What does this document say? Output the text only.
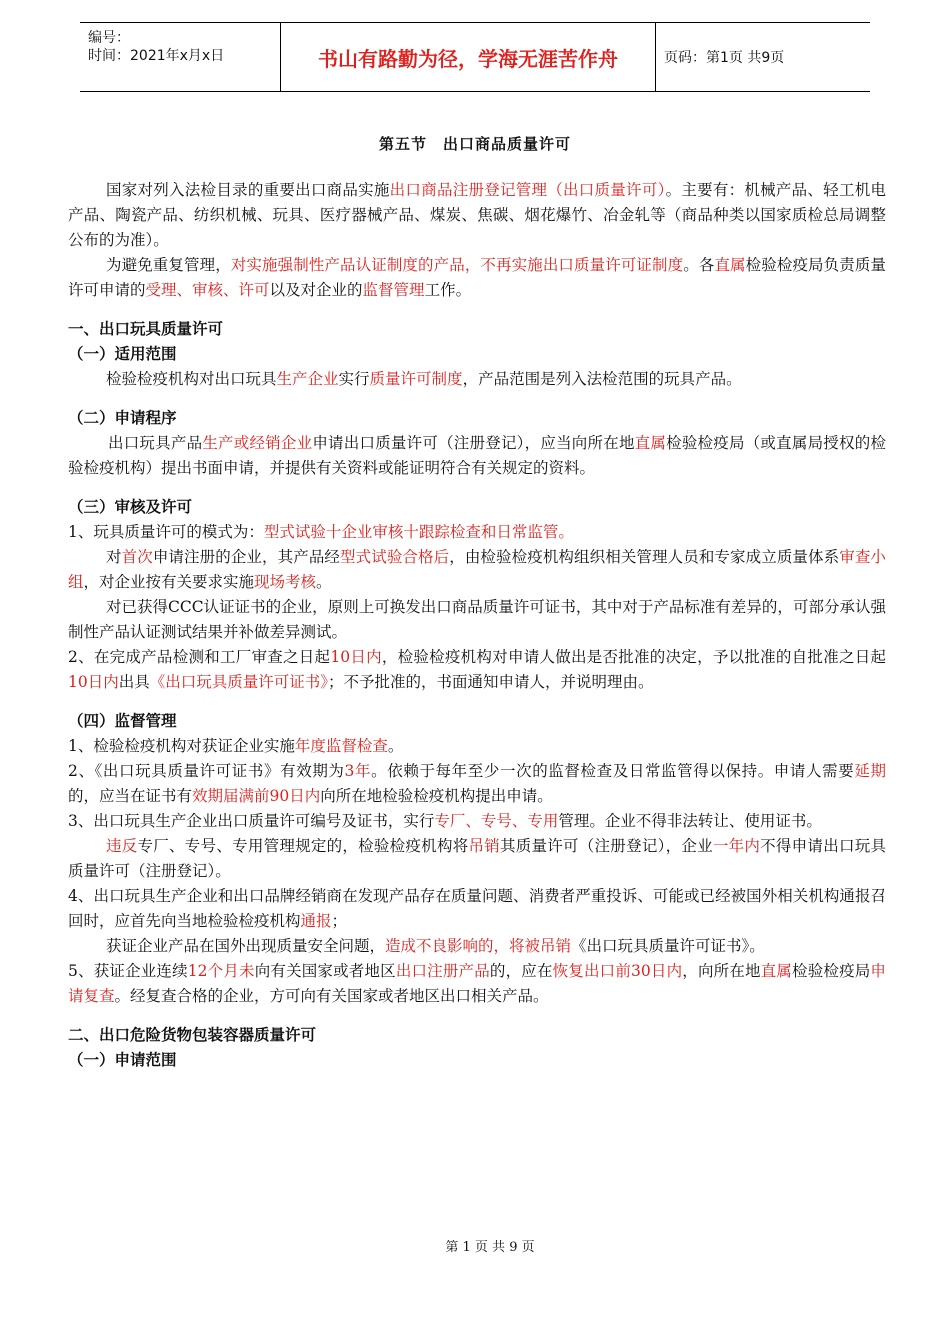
编号：
时间：2021年x月x日	书山有路勤为径，学海无涯苦作舟	页码：第1页 共9页
第五节　出口商品质量许可

国家对列入法检目录的重要出口商品实施出口商品注册登记管理（出口质量许可）。主要有：机械产品、轻工机电产品、陶瓷产品、纺织机械、玩具、医疗器械产品、煤炭、焦碳、烟花爆竹、冶金轧等（商品种类以国家质检总局调整公布的为准）。

为避免重复管理，对实施强制性产品认证制度的产品，不再实施出口质量许可证制度。各直属检验检疫局负责质量许可申请的受理、审核、许可以及对企业的监督管理工作。

一、出口玩具质量许可

（一）适用范围

检验检疫机构对出口玩具生产企业实行质量许可制度，产品范围是列入法检范围的玩具产品。

（二）申请程序

出口玩具产品生产或经销企业申请出口质量许可（注册登记），应当向所在地直属检验检疫局（或直属局授权的检验检疫机构）提出书面申请，并提供有关资料或能证明符合有关规定的资料。

（三）审核及许可

1、玩具质量许可的模式为：型式试验十企业审核十跟踪检查和日常监管。

对首次申请注册的企业，其产品经型式试验合格后，由检验检疫机构组织相关管理人员和专家成立质量体系审查小组，对企业按有关要求实施现场考核。

对已获得CCC认证证书的企业，原则上可换发出口商品质量许可证书，其中对于产品标准有差异的，可部分承认强制性产品认证测试结果并补做差异测试。

2、在完成产品检测和工厂审查之日起10日内，检验检疫机构对申请人做出是否批准的决定，予以批准的自批准之日起10日内出具《出口玩具质量许可证书》；不予批准的，书面通知申请人，并说明理由。

（四）监督管理

1、检验检疫机构对获证企业实施年度监督检查。

2、《出口玩具质量许可证书》有效期为3年。依赖于每年至少一次的监督检查及日常监管得以保持。申请人需要延期的，应当在证书有效期届满前90日内向所在地检验检疫机构提出申请。

3、出口玩具生产企业出口质量许可编号及证书，实行专厂、专号、专用管理。企业不得非法转让、使用证书。

违反专厂、专号、专用管理规定的，检验检疫机构将吊销其质量许可（注册登记），企业一年内不得申请出口玩具质量许可（注册登记）。

4、出口玩具生产企业和出口品牌经销商在发现产品存在质量问题、消费者严重投诉、可能或已经被国外相关机构通报召回时，应首先向当地检验检疫机构通报；

获证企业产品在国外出现质量安全问题，造成不良影响的，将被吊销《出口玩具质量许可证书》。

5、获证企业连续12个月未向有关国家或者地区出口注册产品的，应在恢复出口前30日内，向所在地直属检验检疫局申请复查。经复查合格的企业，方可向有关国家或者地区出口相关产品。

二、出口危险货物包装容器质量许可

（一）申请范围

第 1 页 共 9 页
